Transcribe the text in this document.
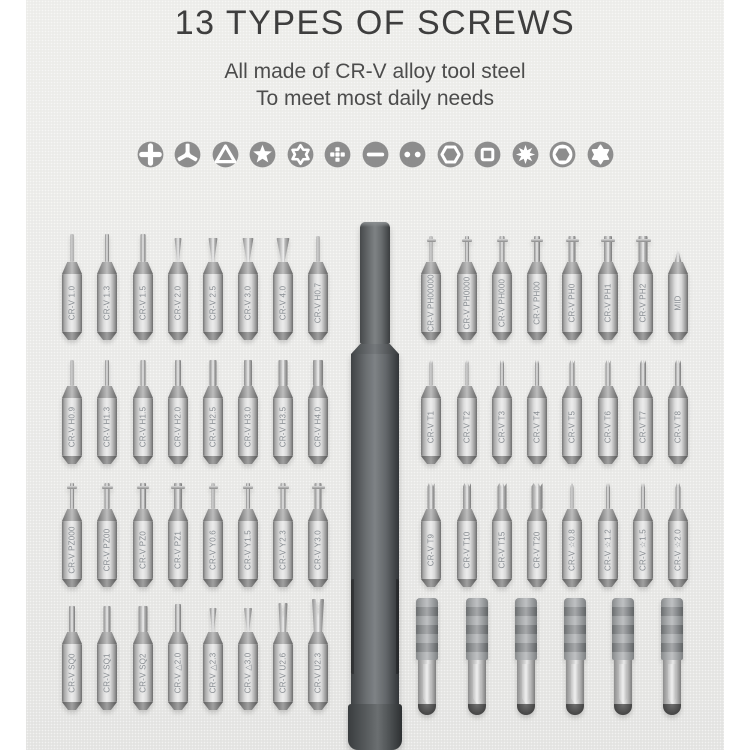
13 TYPES OF SCREWS

All made of CR-V alloy tool steel

To meet most daily needs

CR-V 1.0	CR-V 1.3	CR-V 1.5	CR-V 2.0	CR-V 2.5	CR-V 3.0	CR-V 4.0	CR-V H0.7	CR-V PH00000	CR-V PH0000	CR-V PH000	CR-V PH00	CR-V PH0	CR-V PH1	CR-V PH2	MID
CR-V H0.9	CR-V H1.3	CR-V H1.5	CR-V H2.0	CR-V H2.5	CR-V H3.0	CR-V H3.5	CR-V H4.0	CR-V T1	CR-V T2	CR-V T3	CR-V T4	CR-V T5	CR-V T6	CR-V T7	CR-V T8
CR-V PZ000	CR-V PZ00	CR-V PZ0	CR-V PZ1	CR-V Y0.6	CR-V Y1.5	CR-V Y2.3	CR-V Y3.0	CR-V T9	CR-V T10	CR-V T15	CR-V T20	CR-V ☆0.8	CR-V ☆1.2	CR-V ☆1.5	CR-V ☆2.0
CR-V SQ0	CR-V SQ1	CR-V SQ2	CR-V △2.0	CR-V △2.3	CR-V △3.0	CR-V U2.6	CR-V U2.3
